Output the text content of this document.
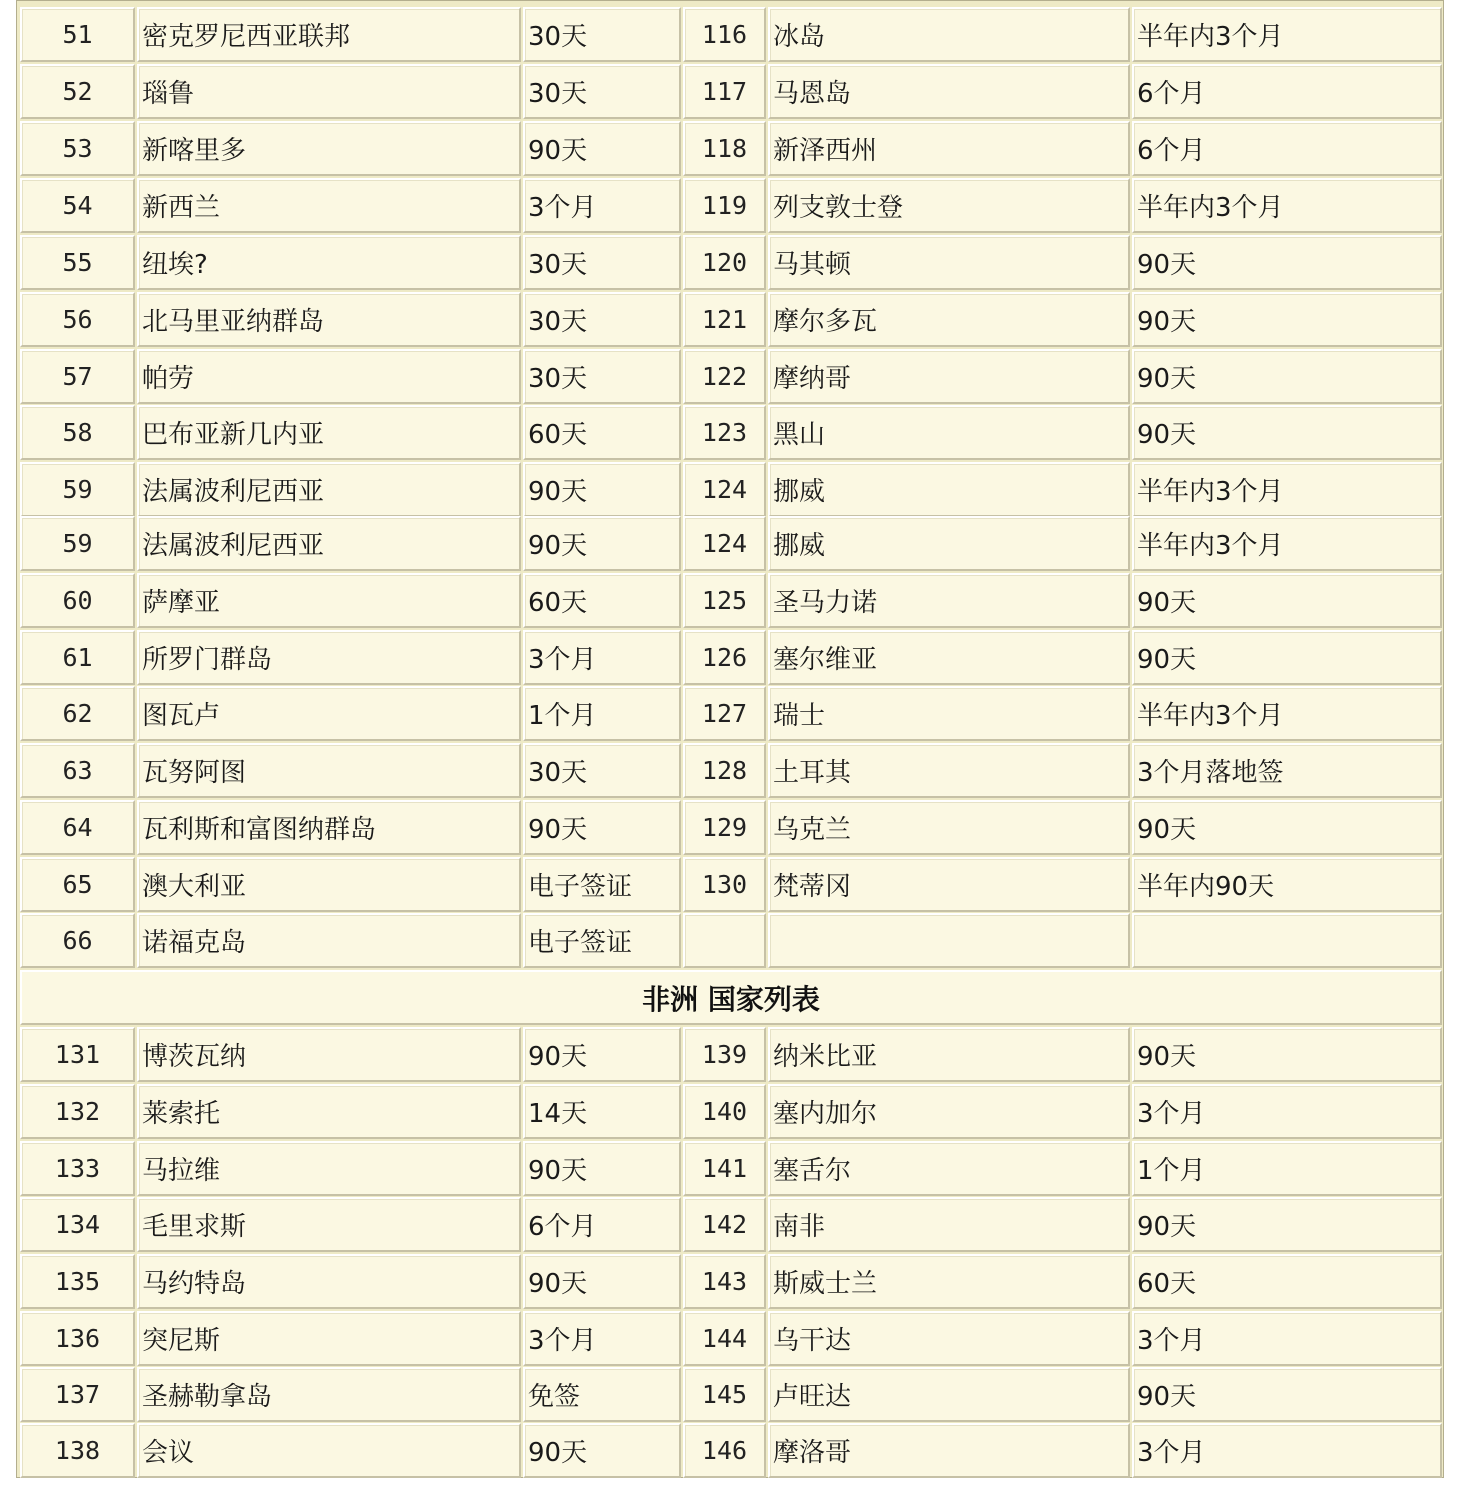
51	密克罗尼西亚联邦	30天	116 冰岛	半年内3个月
52	瑙鲁	30天	117 马恩岛	6个月
53	新喀里多	90天	118 新泽西州	6个月
54	新西兰	3个月	119 列支敦士登	半年内3个月
55	纽埃?	30天	120 马其顿	90天
56	北马里亚纳群岛	30天	121 摩尔多瓦	90天
57	帕劳	30天	122 摩纳哥	90天
58	巴布亚新几内亚	60天	123 黑山	90天
59	法属波利尼西亚	90天	124 挪威	半年内3个月
59	法属波利尼西亚	90天	124 挪威	半年内3个月
60	萨摩亚	60天	125 圣马力诺	90天
61	所罗门群岛	3个月	126 塞尔维亚	90天
62	图瓦卢	1个月	127 瑞士	半年内3个月
63	瓦努阿图	30天	128 土耳其	3个月落地签
64	瓦利斯和富图纳群岛	90天	129 乌克兰	90天
65	澳大利亚	电子签证	130 梵蒂冈	半年内90天
66	诺福克岛	电子签证
非洲 国家列表
131	博茨瓦纳	90天	139 纳米比亚	90天
132	莱索托	14天	140 塞内加尔	3个月
133	马拉维	90天	141 塞舌尔	1个月
134	毛里求斯	6个月	142 南非	90天
135	马约特岛	90天	143 斯威士兰	60天
136	突尼斯	3个月	144 乌干达	3个月
137	圣赫勒拿岛	免签	145 卢旺达	90天
138	会议	90天	146 摩洛哥	3个月
